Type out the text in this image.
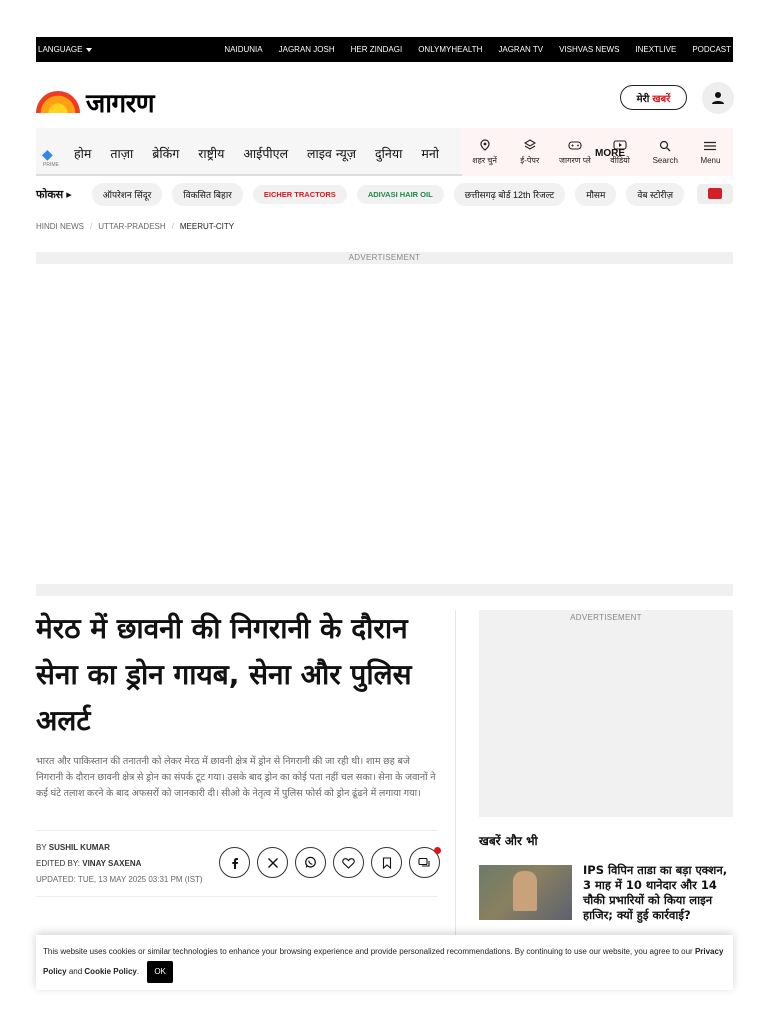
LANGUAGE	NAIDUNIA JAGRAN JOSH HER ZINDAGI ONLYMYHEALTH JAGRAN TV VISHVAS NEWS INEXTLIVE PODCAST
जागरण	मेरी खबरें
◆
PRIME
होम ताज़ा ब्रेकिंग राष्ट्रीय आईपीएल लाइव न्यूज़ दुनिया मनो	शहर चुनें	ई-पेपर जागरण प्ले वीडियो	Search	Menu
MORE
फोकस ▸	ऑपरेशन सिंदूर	विकसित बिहार	EICHER TRACTORS	ADIVASI HAIR OIL	छत्तीसगढ़ बोर्ड 12th रिजल्ट	मौसम	वेब स्टोरीज़
HINDI NEWS / UTTAR-PRADESH / MEERUT-CITY
ADVERTISEMENT
मेरठ में छावनी की निगरानी के दौरान सेना का ड्रोन गायब, सेना और पुलिस अलर्ट

भारत और पाकिस्तान की तनातनी को लेकर मेरठ में छावनी क्षेत्र में ड्रोन से निगरानी की जा रही थी। शाम छह बजे निगरानी के दौरान छावनी क्षेत्र से ड्रोन का संपर्क टूट गया। उसके बाद ड्रोन का कोई पता नहीं चल सका। सेना के जवानों ने कई घंटे तलाश करने के बाद अफसरों को जानकारी दी। सीओ के नेतृत्व में पुलिस फोर्स को ड्रोन ढूंढने में लगाया गया।

BY SUSHIL KUMAR
EDITED BY: VINAY SAXENA
UPDATED: TUE, 13 MAY 2025 03:31 PM (IST)
ADVERTISEMENT
खबरें और भी
IPS विपिन ताडा का बड़ा एक्शन, 3 माह में 10 थानेदार और 14 चौकी प्रभारियों को किया लाइन हाजिर; क्यों हुई कार्रवाई?
This website uses cookies or similar technologies to enhance your browsing experience and provide personalized recommendations. By continuing to use our website, you agree to our Privacy Policy and Cookie Policy. OK
